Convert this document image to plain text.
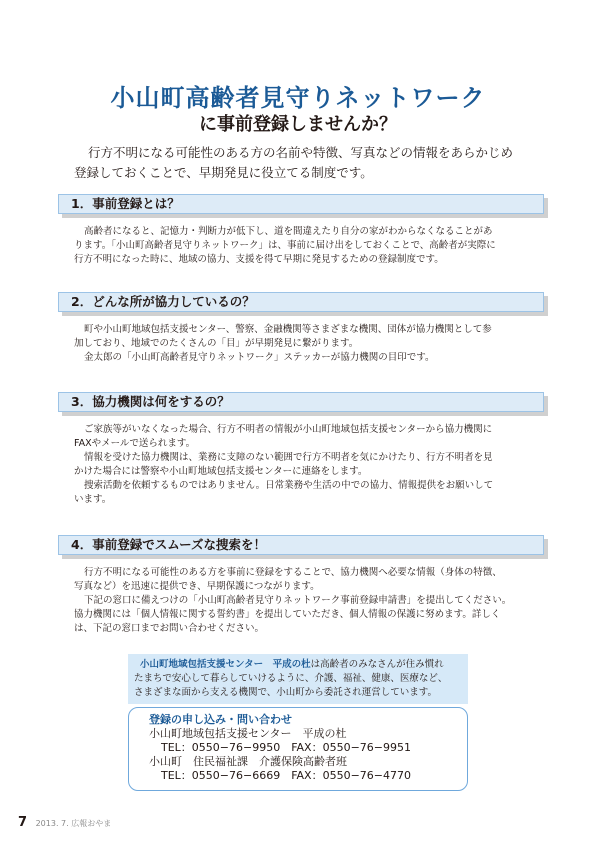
小山町高齢者見守りネットワーク
に事前登録しませんか？

行方不明になる可能性のある方の名前や特徴、写真などの情報をあらかじめ

登録しておくことで、早期発見に役立てる制度です。

1．事前登録とは？

高齢者になると、記憶力・判断力が低下し、道を間違えたり自分の家がわからなくなることがあ

ります。「小山町高齢者見守りネットワーク」は、事前に届け出をしておくことで、高齢者が実際に

行方不明になった時に、地域の協力、支援を得て早期に発見するための登録制度です。

2．どんな所が協力しているの？

町や小山町地域包括支援センター、警察、金融機関等さまざまな機関、団体が協力機関として参

加しており、地域でのたくさんの「目」が早期発見に繋がります。

金太郎の「小山町高齢者見守りネットワーク」ステッカーが協力機関の目印です。

3．協力機関は何をするの？

ご家族等がいなくなった場合、行方不明者の情報が小山町地域包括支援センターから協力機関に

FAXやメールで送られます。

情報を受けた協力機関は、業務に支障のない範囲で行方不明者を気にかけたり、行方不明者を見

かけた場合には警察や小山町地域包括支援センターに連絡をします。

捜索活動を依頼するものではありません。日常業務や生活の中での協力、情報提供をお願いして

います。

4．事前登録でスムーズな捜索を！

行方不明になる可能性のある方を事前に登録をすることで、協力機関へ必要な情報（身体の特徴、

写真など）を迅速に提供でき、早期保護につながります。

下記の窓口に備えつけの「小山町高齢者見守りネットワーク事前登録申請書」を提出してください。

協力機関には「個人情報に関する誓約書」を提出していただき、個人情報の保護に努めます。詳しく

は、下記の窓口までお問い合わせください。

小山町地域包括支援センター　平成の杜は高齢者のみなさんが住み慣れ
たまちで安心して暮らしていけるように、介護、福祉、健康、医療など、
さまざまな面から支える機関で、小山町から委託され運営しています。
登録の申し込み・問い合わせ
小山町地域包括支援センター　平成の杜
TEL：0550−76−9950　FAX：0550−76−9951
小山町　住民福祉課　介護保険高齢者班
TEL：0550−76−6669　FAX：0550−76−4770
7 2013. 7. 広報おやま
